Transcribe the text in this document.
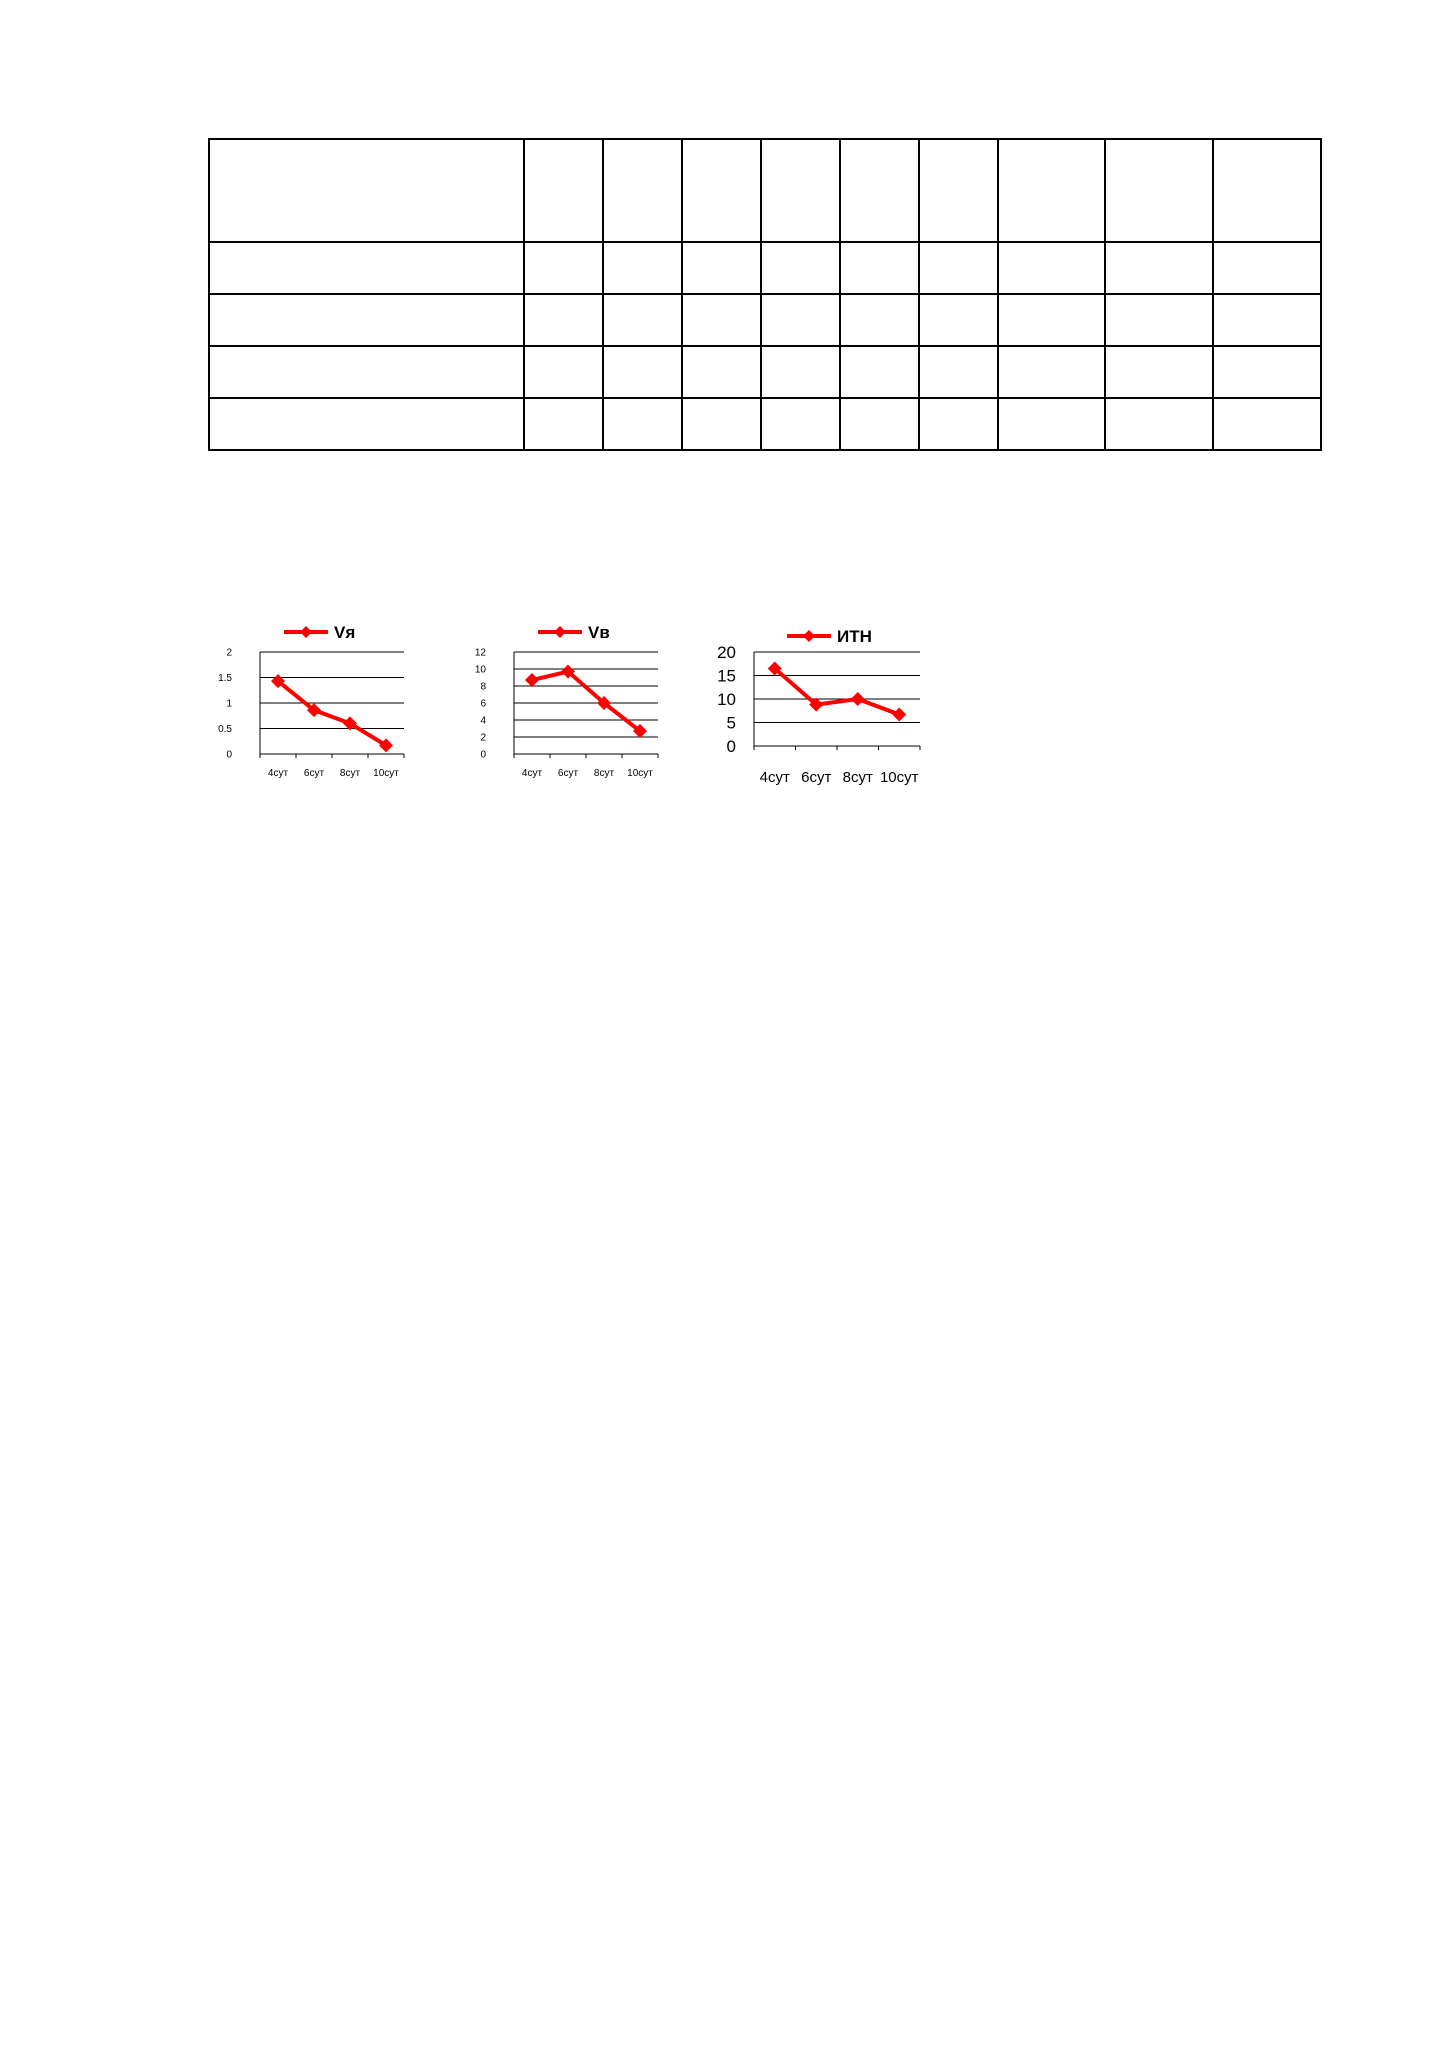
0
0.5
1
1.5
2
4сут 6сут 8сут 10сут
Vя
0
2
4
6
8
10
12
4сут 6сут 8сут 10сут
Vв
0
5
10
15
20
4сут 6сут 8сут 10сут
ИТН
